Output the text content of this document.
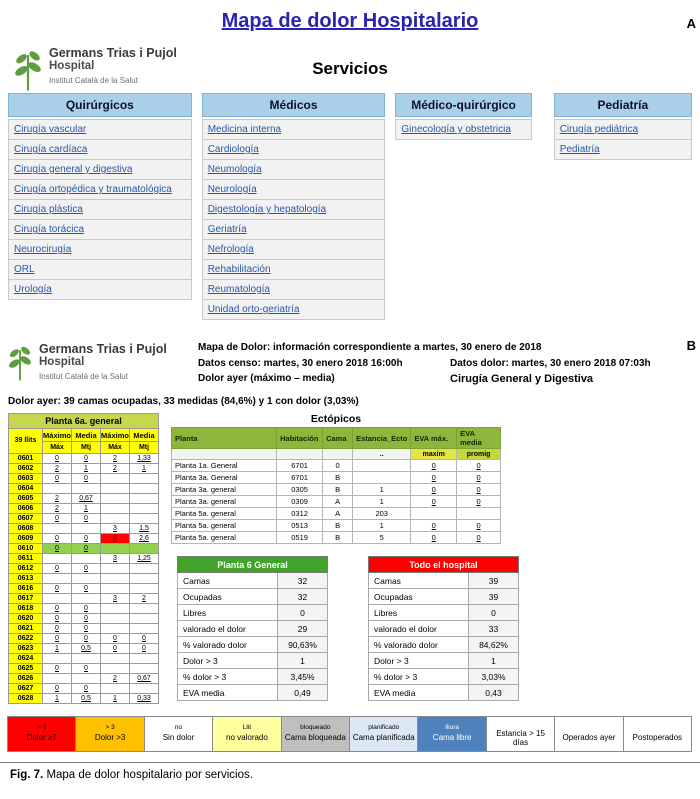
A
Mapa de dolor Hospitalario
Germans Trias i Pujol
Hospital
Institut Català de la Salut
Servicios
Quirúrgicos
Cirugía vascular
Cirugía cardíaca
Cirugía general y digestiva
Cirugía ortopédica y traumatológica
Cirugía plástica
Cirugía torácica
Neurocirugía
ORL
Urología
Médicos
Medicina interna
Cardiología
Neumología
Neurología
Digestología y hepatología
Geriatría
Nefrología
Rehabilitación
Reumatología
Unidad orto-geriatría
Médico-quirúrgico
Ginecología y obstetricia
Pediatría
Cirugía pediátrica
Pediatría
B
Germans Trias i Pujol
Hospital
Institut Català de la Salut
Mapa de Dolor: información correspondiente a martes, 30 enero de 2018
Datos censo: martes, 30 enero 2018 16:00h	Datos dolor: martes, 30 enero 2018 07:03h
Dolor ayer (máximo – media)	Cirugía General y Digestiva
Dolor ayer: 39 camas ocupadas, 33 medidas (84,6%) y 1 con dolor (3,03%)
Planta 6a. general				
39 llits	Máximo	Media	Máximo	Media
	Máx	Mtj	Máx	Mtj
0601	0	0	2	1,33
0602	2	1	2	1
0603	0	0		
0604				
0605	2	0,67		
0606	2	1		
0607	0	0		
0608			3	1,5
0609	0	0	8	2,6
0610	0	0		
0611			3	1,25
0612	0	0		
0613				
0616	0	0		
0617			3	2
0618	0	0		
0620	0	0		
0621	0	0		
0622	0	0	0	0
0623	1	0,5	0	0
0624				
0625	0	0		
0626			2	0,67
0627	0	0		
0628	1	0,5	1	0,33
Ectópicos
Planta	Habitación	Cama	Estancia_Ecto	EVA máx.	EVA media
			..	maxim	promig
Planta 1a. General	6701	0		0	0
Planta 3a. General	6701	B		0	0
Planta 3a. general	0305	B	1	0	0
Planta 3a. general	0309	A	1	0	0
Planta 5a. general	0312	A	203		
Planta 5a. general	0513	B	1	0	0
Planta 5a. general	0519	B	5	0	0
Planta 6 General	
Camas	32
Ocupadas	32
Libres	0
valorado el dolor	29
% valorado dolor	90,63%
Dolor > 3	1
% dolor > 3	3,45%
EVA media	0,49
Todo el hospital	
Camas	39
Ocupadas	39
Libres	0
valorado el dolor	33
% valorado dolor	84,62%
Dolor > 3	1
% dolor > 3	3,03%
EVA media	0,43
> 7
Dolor ≥7
> 3
Dolor >3
no
Sin dolor
Llit
no valorado
bloqueado
Cama bloqueada
planificado
Cama planificada
lliura
Cama libre
Estancia > 15 días
Operados ayer Postoperados
Fig. 7. Mapa de dolor hospitalario por servicios.
